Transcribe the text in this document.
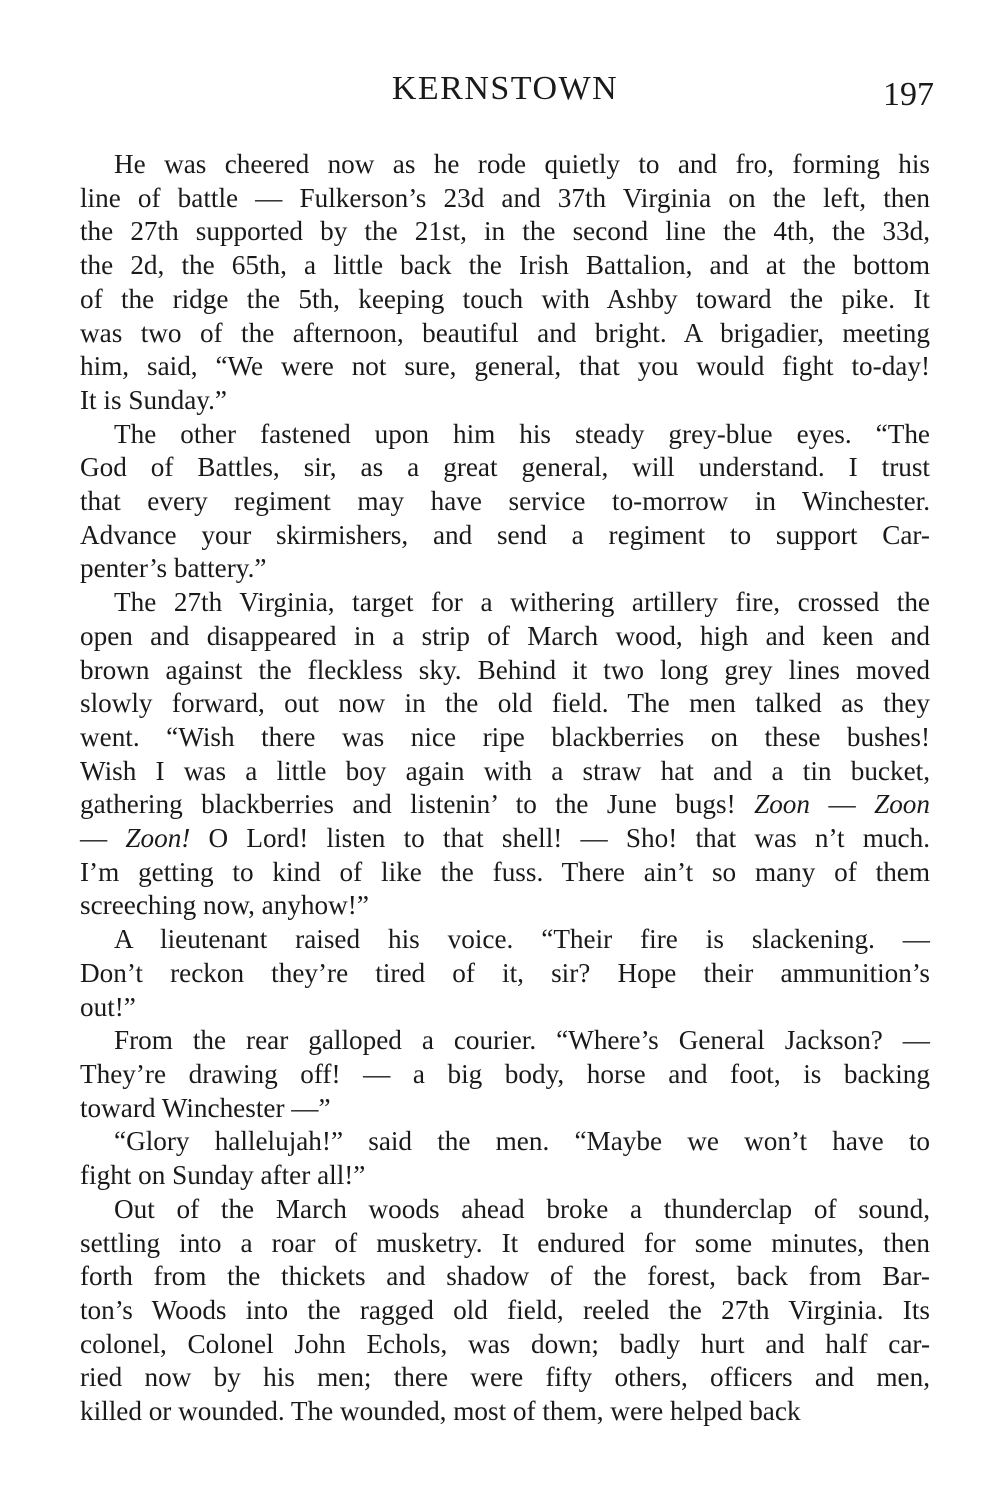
KERNSTOWN	197
He was cheered now as he rode quietly to and fro, forming his
line of battle — Fulkerson’s 23d and 37th Virginia on the left, then
the 27th supported by the 21st, in the second line the 4th, the 33d,
the 2d, the 65th, a little back the Irish Battalion, and at the bottom
of the ridge the 5th, keeping touch with Ashby toward the pike. It
was two of the afternoon, beautiful and bright. A brigadier, meeting
him, said, “We were not sure, general, that you would fight to-day!
It is Sunday.”
The other fastened upon him his steady grey-blue eyes. “The
God of Battles, sir, as a great general, will understand. I trust
that every regiment may have service to-morrow in Winchester.
Advance your skirmishers, and send a regiment to support Car-
penter’s battery.”
The 27th Virginia, target for a withering artillery fire, crossed the
open and disappeared in a strip of March wood, high and keen and
brown against the fleckless sky. Behind it two long grey lines moved
slowly forward, out now in the old field. The men talked as they
went. “Wish there was nice ripe blackberries on these bushes!
Wish I was a little boy again with a straw hat and a tin bucket,
gathering blackberries and listenin’ to the June bugs! Zoon — Zoon
— Zoon! O Lord! listen to that shell! — Sho! that was n’t much.
I’m getting to kind of like the fuss. There ain’t so many of them
screeching now, anyhow!”
A lieutenant raised his voice. “Their fire is slackening. —
Don’t reckon they’re tired of it, sir? Hope their ammunition’s
out!”
From the rear galloped a courier. “Where’s General Jackson? —
They’re drawing off! — a big body, horse and foot, is backing
toward Winchester —”
“Glory hallelujah!” said the men. “Maybe we won’t have to
fight on Sunday after all!”
Out of the March woods ahead broke a thunderclap of sound,
settling into a roar of musketry. It endured for some minutes, then
forth from the thickets and shadow of the forest, back from Bar-
ton’s Woods into the ragged old field, reeled the 27th Virginia. Its
colonel, Colonel John Echols, was down; badly hurt and half car-
ried now by his men; there were fifty others, officers and men,
killed or wounded. The wounded, most of them, were helped back
